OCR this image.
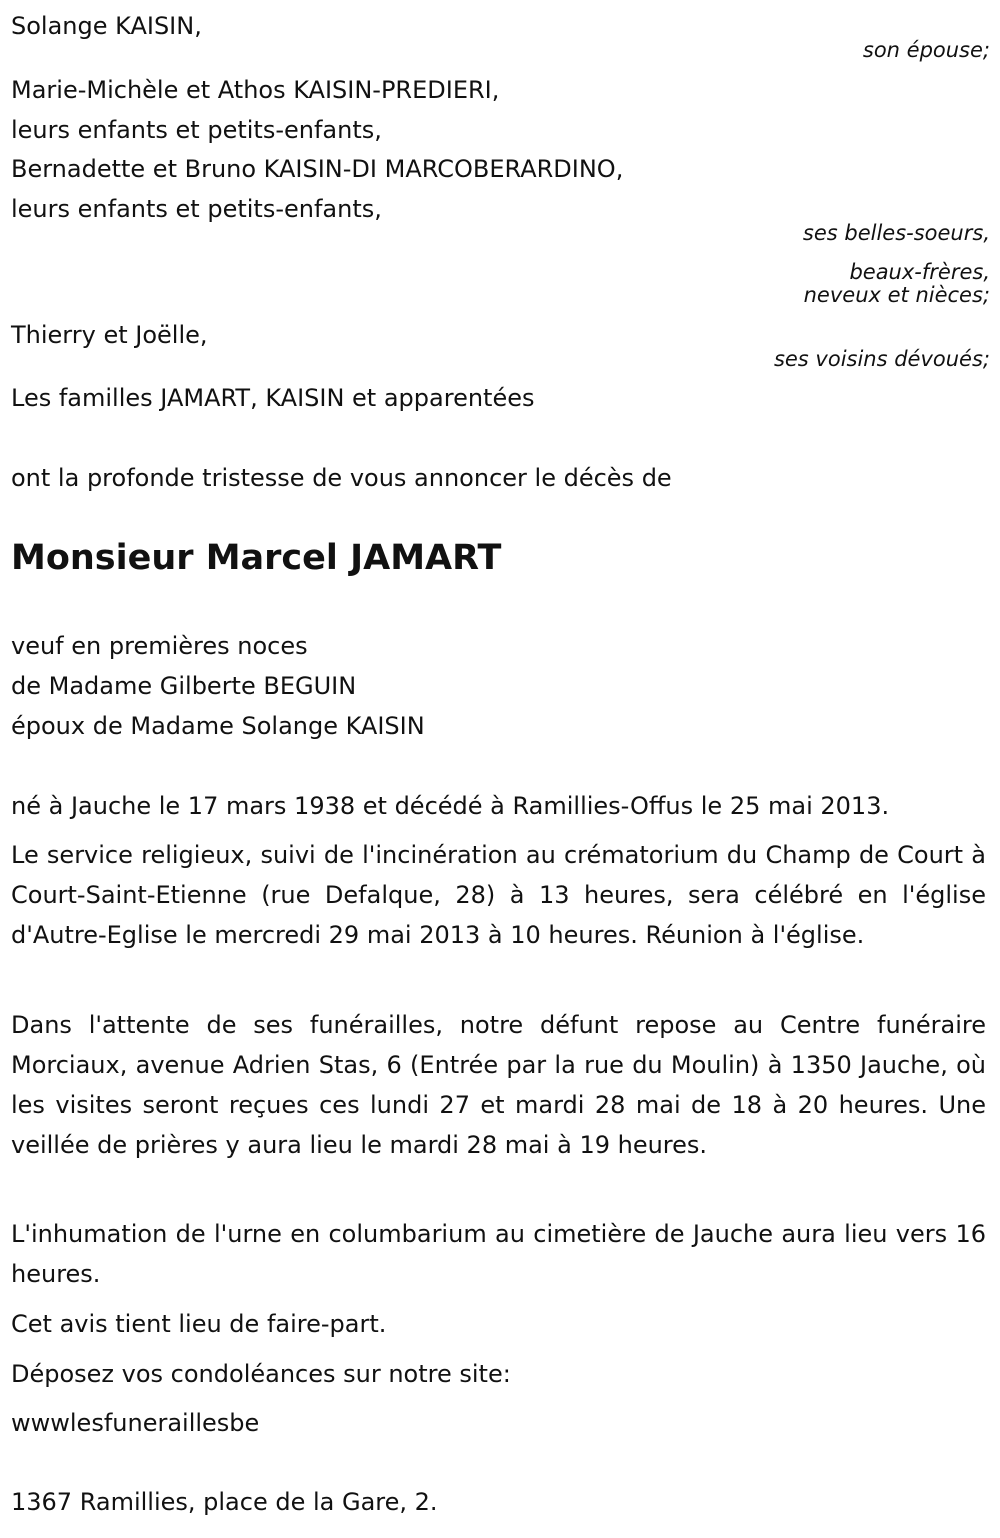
Solange KAISIN,

son épouse;

Marie-Michèle et Athos KAISIN-PREDIERI,

leurs enfants et petits-enfants,

Bernadette et Bruno KAISIN-DI MARCOBERARDINO,

leurs enfants et petits-enfants,

ses belles-soeurs,

beaux-frères,

neveux et nièces;

Thierry et Joëlle,

ses voisins dévoués;

Les familles JAMART, KAISIN et apparentées

ont la profonde tristesse de vous annoncer le décès de

Monsieur Marcel JAMART

veuf en premières noces

de Madame Gilberte BEGUIN

époux de Madame Solange KAISIN

né à Jauche le 17 mars 1938 et décédé à Ramillies-Offus le 25 mai 2013.

Le service religieux, suivi de l'incinération au crématorium du Champ de Court à Court-Saint-Etienne (rue Defalque, 28) à 13 heures, sera célébré en l'église d'Autre-Eglise le mercredi 29 mai 2013 à 10 heures. Réunion à l'église.

Dans l'attente de ses funérailles, notre défunt repose au Centre funéraire Morciaux, avenue Adrien Stas, 6 (Entrée par la rue du Moulin) à 1350 Jauche, où les visites seront reçues ces lundi 27 et mardi 28 mai de 18 à 20 heures. Une veillée de prières y aura lieu le mardi 28 mai à 19 heures.

L'inhumation de l'urne en columbarium au cimetière de Jauche aura lieu vers 16 heures.

Cet avis tient lieu de faire-part.

Déposez vos condoléances sur notre site:

wwwlesfuneraillesbe

1367 Ramillies, place de la Gare, 2.
